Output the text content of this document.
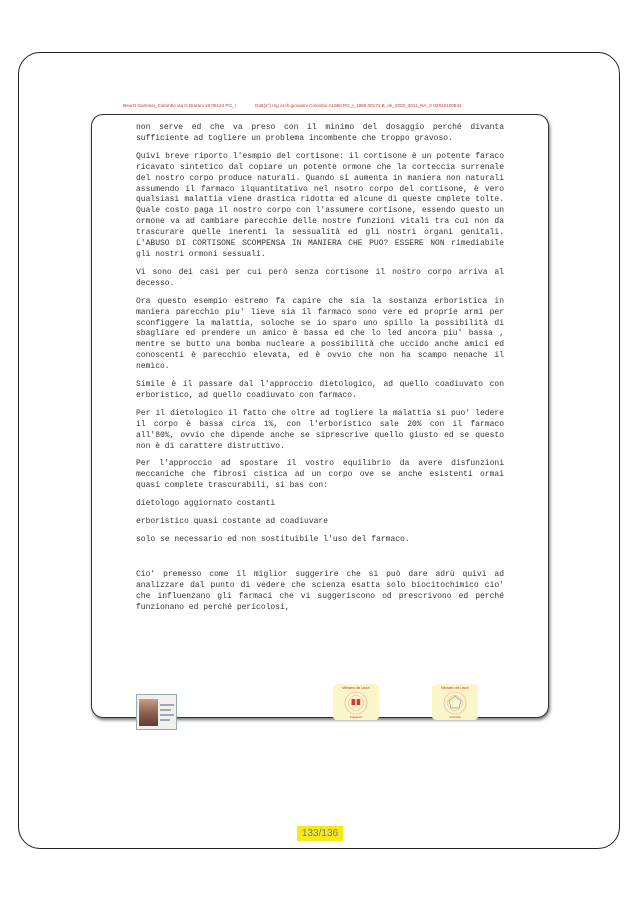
BeurO Gammei_Colombo via G.Brutani 18 09124 PG_I	Dott(2°) Ing.Arch.giovanni Colombo A1960 PG_I_1995 00171 B_de_2003_2011_NA_rr 02910100542

non serve ed che va preso con il minimo del dosaggio perché divanta sufficiente ad togliere un problema incombente che troppo gravoso.

Quivi breve riporto l'esmpio del cortisone: il cortisone è un potente faraco ricavato sintetico dal copiare un potente ormone che la corteccia surrenale del nostro corpo produce naturali. Quando si aumenta in maniera non naturali assumendo il farmaco ilquantitativo nel nsotro corpo del cortisone, è vero qualsiasi malattia viene drastica ridotta ed alcune di queste cmplete tolte. Quale costo paga il nostro corpo con l'assumere cortisone, essendo questo un ormone va ad cambiare parecchie delle nostre funzioni vitali tra cui non da trascurare quelle inerenti la sessualità ed gli nostri organi genitali. L'ABUSO DI CORTISONE SCOMPENSA IN MANIERA CHE PUO? ESSERE NON rimediabile gli nostri ormoni sessuali.

Vi sono dei casi per cui però senza cortisone il nostro corpo arriva al decesso.

Ora questo esempio estremo fa capire che sia la sostanza erboristica in maniera parecchio piu' lieve sia il farmaco sono vere ed proprie armi per sconfiggere la malattia, soloche se io sparo uno spillo la possibilità di sbagliare ed prendere un amico è bassa ed che lo led ancora piu' bassa , mentre se butto una bomba nucleare a possibilità che uccido anche amici ed conoscenti è parecchio elevata, ed è ovvio che non ha scampo nenache il nemico.

Simile è il passare dal l'approccio dietologico, ad quello coadiuvato con erboristico, ad quello coadiuvato con farmaco.

Per il dietologico il fatto che oltre ad togliere la malattia si puo' ledere il corpo è bassa circa 1%, con l'erboristico sale 20% con il farmaco all'80%, ovvio che dipende anche se siprescrive quello giusto ed se questo non è di carattere distruttivo.

Per l'approccio ad spostare il vostro equilibrio da avere disfunzioni meccaniche che fibrosi cistica ad un corpo ove se anche esistenti ormai quasi complete trascurabili, si bas con:

dietologo aggiornato costanti

erboristico quasi costante ad coadiuvare

solo se necessario ed non sostituibile l'uso del farmaco.

Cio' premesso come il miglior suggerire che si può dare adrù quivi ad analizzare dal punto di vedere che scienza esatta solo biocitochimico cio' che influenzano gli farmaci che vi suggeriscono od prescrivono ed perché funzionano ed perché pericolosi,

Ministero dei Lavori
Ingegneri
Ministero dei Lavori
Architetti
133/136
